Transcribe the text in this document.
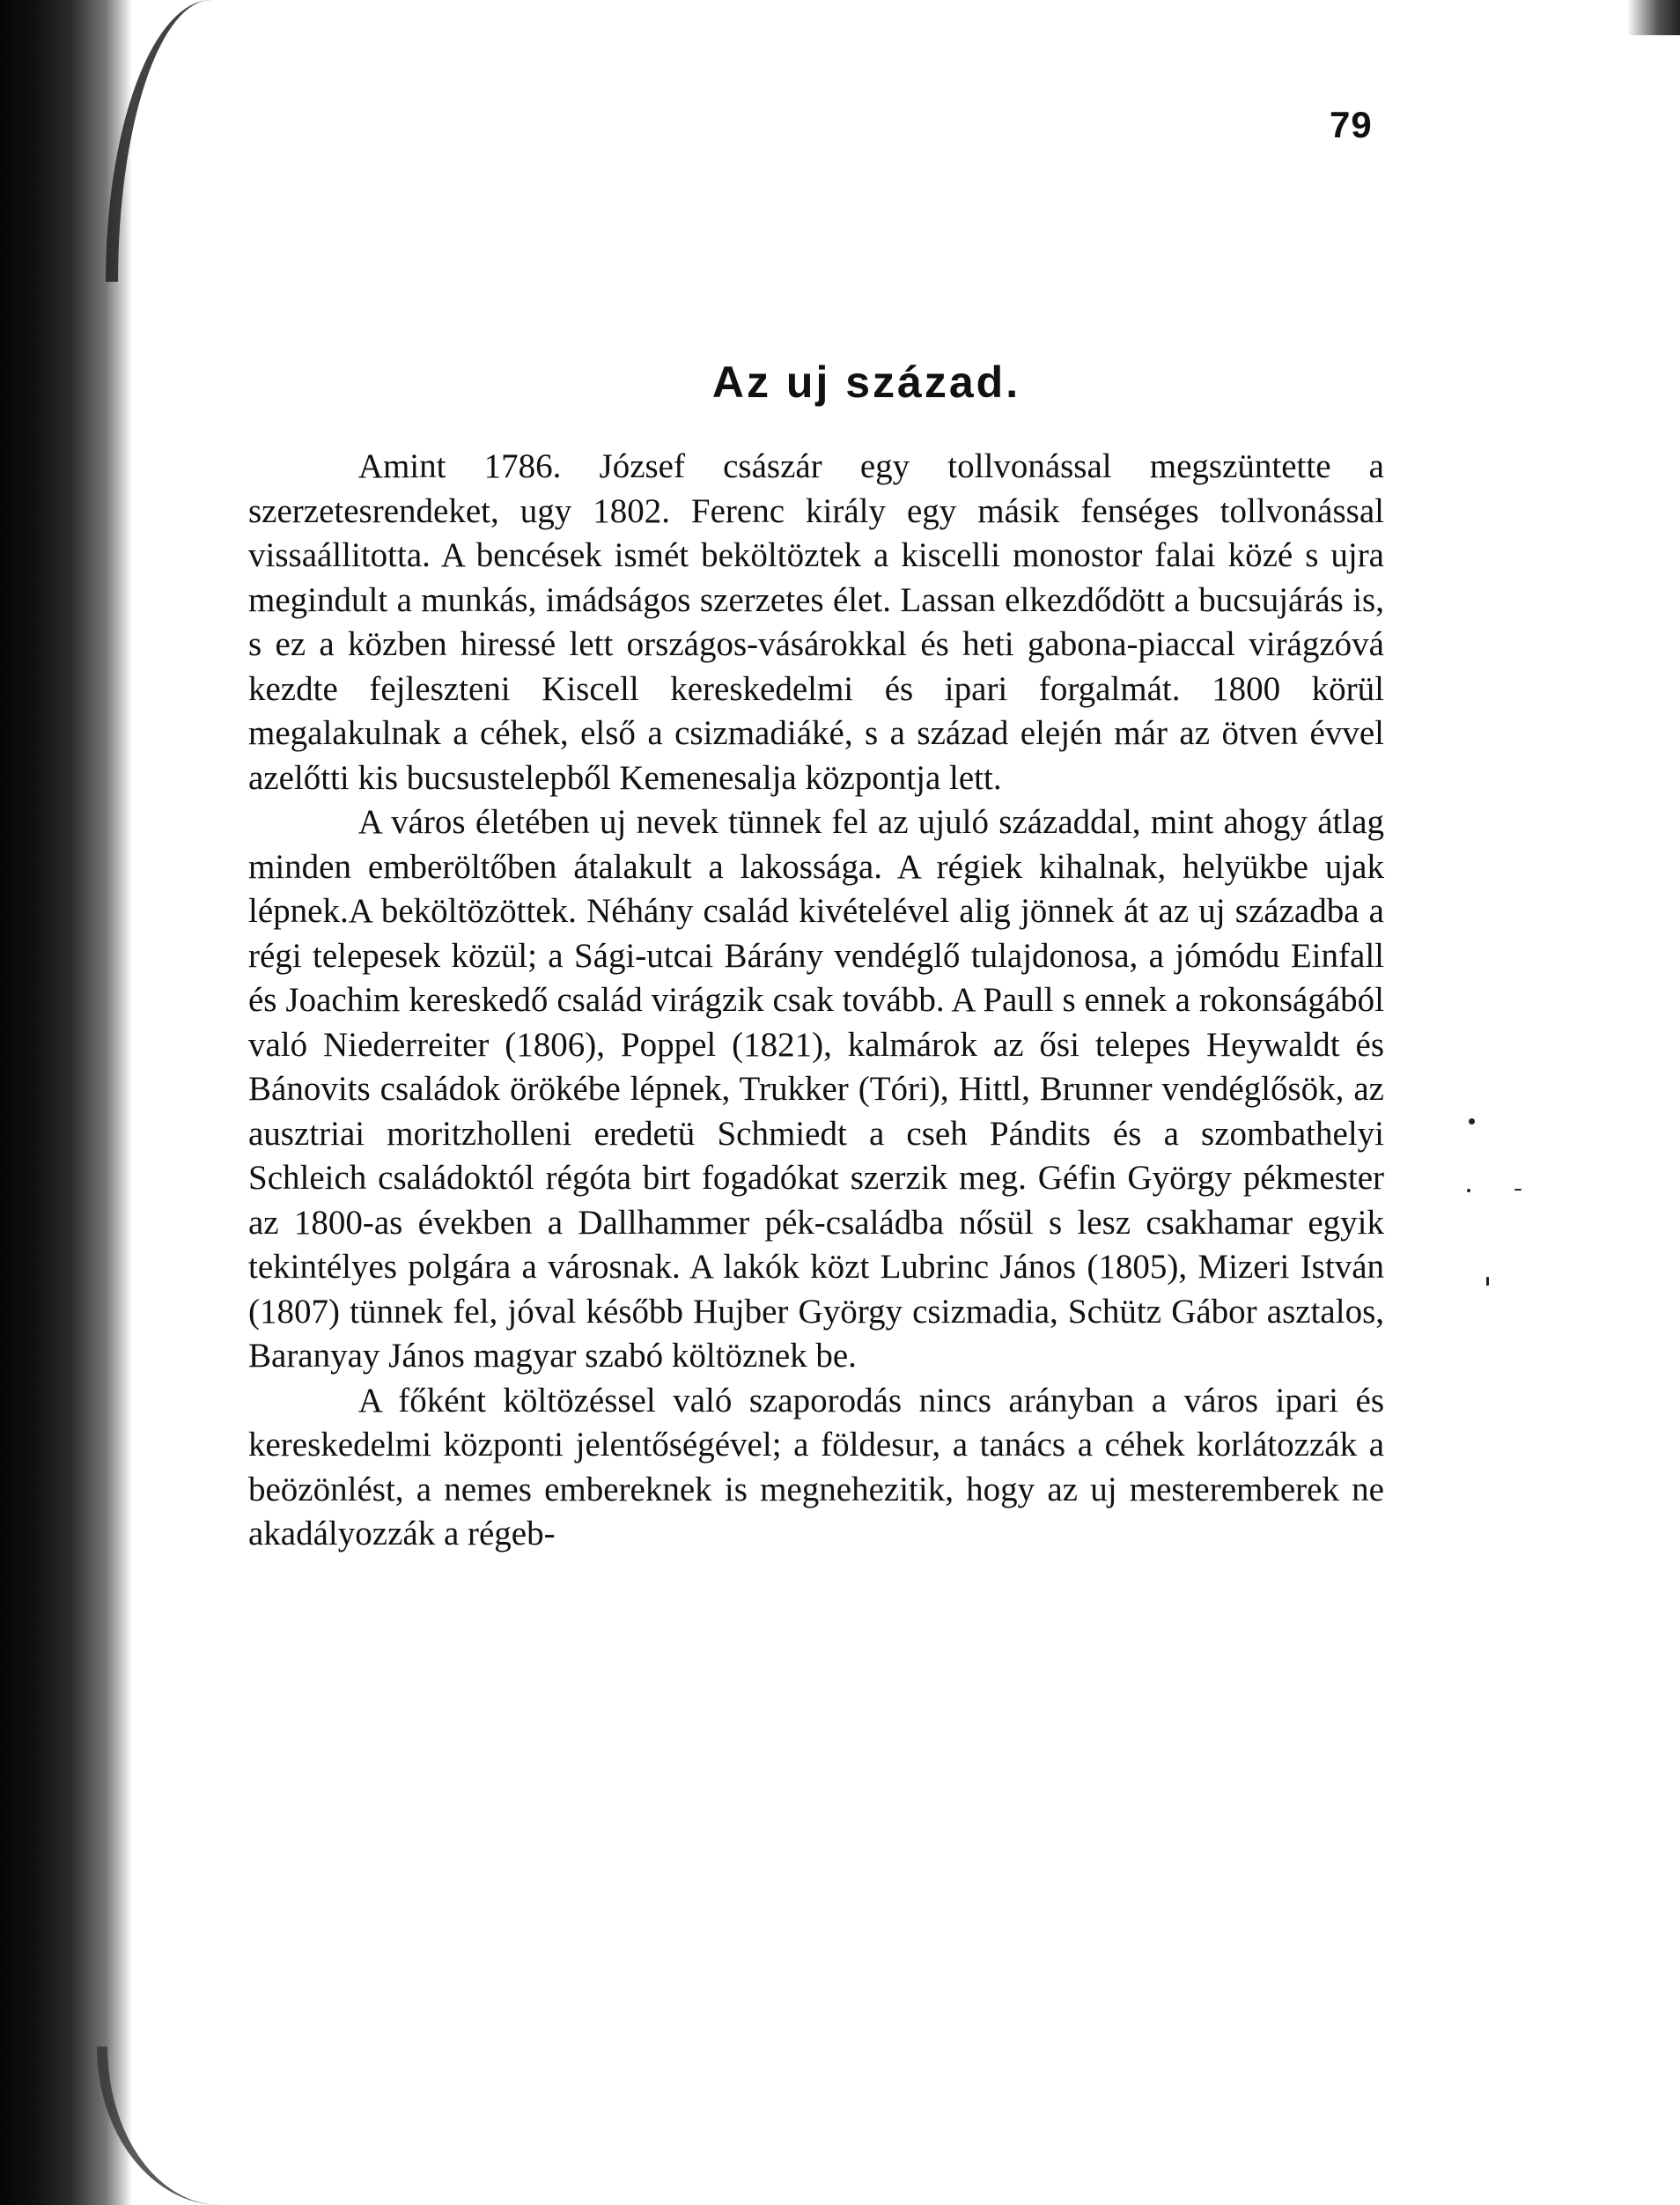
79
Az uj század.

Amint 1786. József császár egy tollvonással megszüntette a szerzetesrendeket, ugy 1802. Ferenc király egy másik fenséges tollvonással vissaállitotta. A bencések ismét beköltöztek a kiscelli monostor falai közé s ujra megindult a munkás, imádságos szerzetes élet. Lassan elkezdődött a bucsujárás is, s ez a közben hiressé lett országos-vásárokkal és heti gabona-piaccal virágzóvá kezdte fejleszteni Kiscell kereskedelmi és ipari forgalmát. 1800 körül megalakulnak a céhek, első a csizmadiáké, s a század elején már az ötven évvel azelőtti kis bucsustelepből Kemenesalja központja lett.

A város életében uj nevek tünnek fel az ujuló századdal, mint ahogy átlag minden emberöltőben átalakult a lakossága. A régiek kihalnak, helyükbe ujak lépnek.A beköltözöttek. Néhány család kivételével alig jönnek át az uj századba a régi telepesek közül; a Sági-utcai Bárány vendéglő tulajdonosa, a jómódu Einfall és Joachim kereskedő család virágzik csak tovább. A Paull s ennek a rokonságából való Niederreiter (1806), Poppel (1821), kalmárok az ősi telepes Heywaldt és Bánovits családok örökébe lépnek, Trukker (Tóri), Hittl, Brunner vendéglősök, az ausztriai moritzholleni eredetü Schmiedt a cseh Pándits és a szombathelyi Schleich családoktól régóta birt fogadókat szerzik meg. Géfin György pékmester az 1800-as években a Dallhammer pék-családba nősül s lesz csakhamar egyik tekintélyes polgára a városnak. A lakók közt Lubrinc János (1805), Mizeri István (1807) tünnek fel, jóval később Hujber György csizmadia, Schütz Gábor asztalos, Baranyay János magyar szabó költöznek be.

A főként költözéssel való szaporodás nincs arányban a város ipari és kereskedelmi központi jelentőségével; a földesur, a tanács a céhek korlátozzák a beözönlést, a nemes embereknek is megnehezitik, hogy az uj mesteremberek ne akadályozzák a régeb-
